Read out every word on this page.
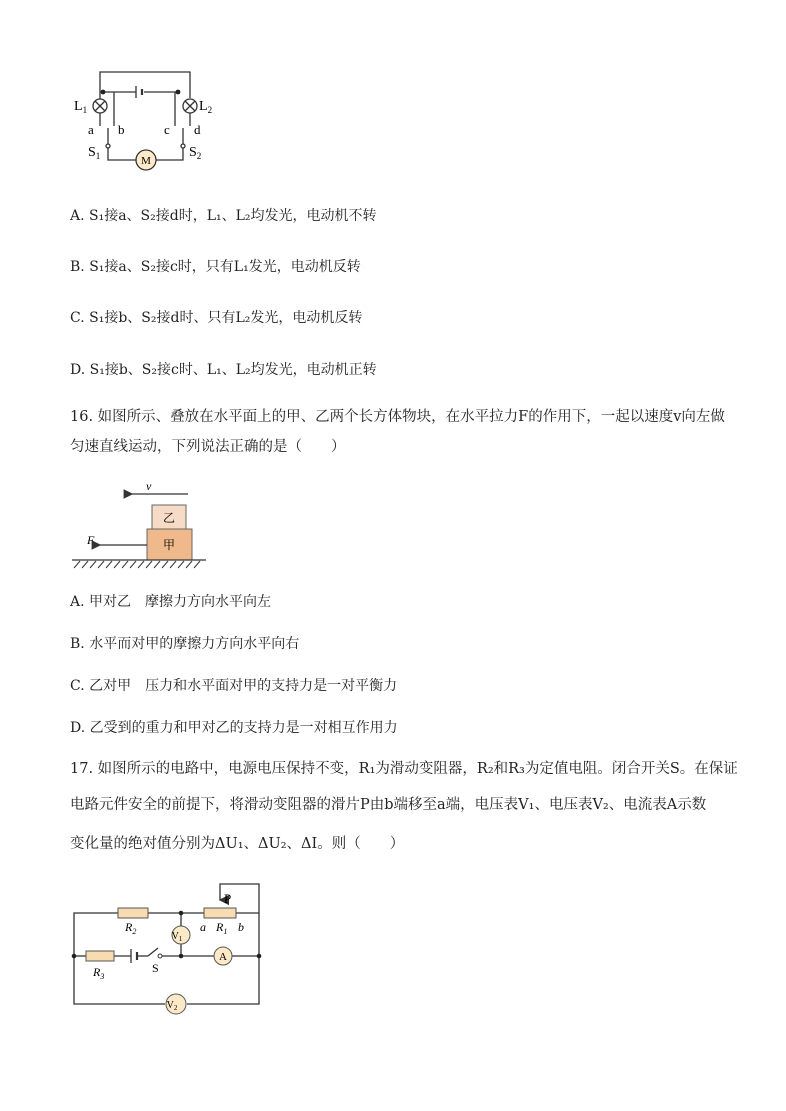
$L_1$	$L_2$
a b	c d
$S_1$	$S_2$
M
A. S₁接a、S₂接d时，L₁、L₂均发光，电动机不转
B. S₁接a、S₂接c时，只有L₁发光，电动机反转
C. S₁接b、S₂接d时、只有L₂发光，电动机反转
D. S₁接b、S₂接c时、L₁、L₂均发光，电动机正转
16. 如图所示、叠放在水平面上的甲、乙两个长方体物块，在水平拉力F的作用下，一起以速度v向左做
匀速直线运动，下列说法正确的是（　　）
v
乙
甲
F
A. 甲对乙　摩擦力方向水平向左
B. 水平而对甲的摩擦力方向水平向右
C. 乙对甲　压力和水平面对甲的支持力是一对平衡力
D. 乙受到的重力和甲对乙的支持力是一对相互作用力
17. 如图所示的电路中，电源电压保持不变，R₁为滑动变阻器，R₂和R₃为定值电阻。闭合开关S。在保证
电路元件安全的前提下，将滑动变阻器的滑片P由b端移至a端，电压表V₁、电压表V₂、电流表A示数
变化量的绝对值分别为ΔU₁、ΔU₂、ΔI。则（　　）
P
a $R_1$ b
$R_2$
$R_3$
S
$V_1$
A
$V_2$
